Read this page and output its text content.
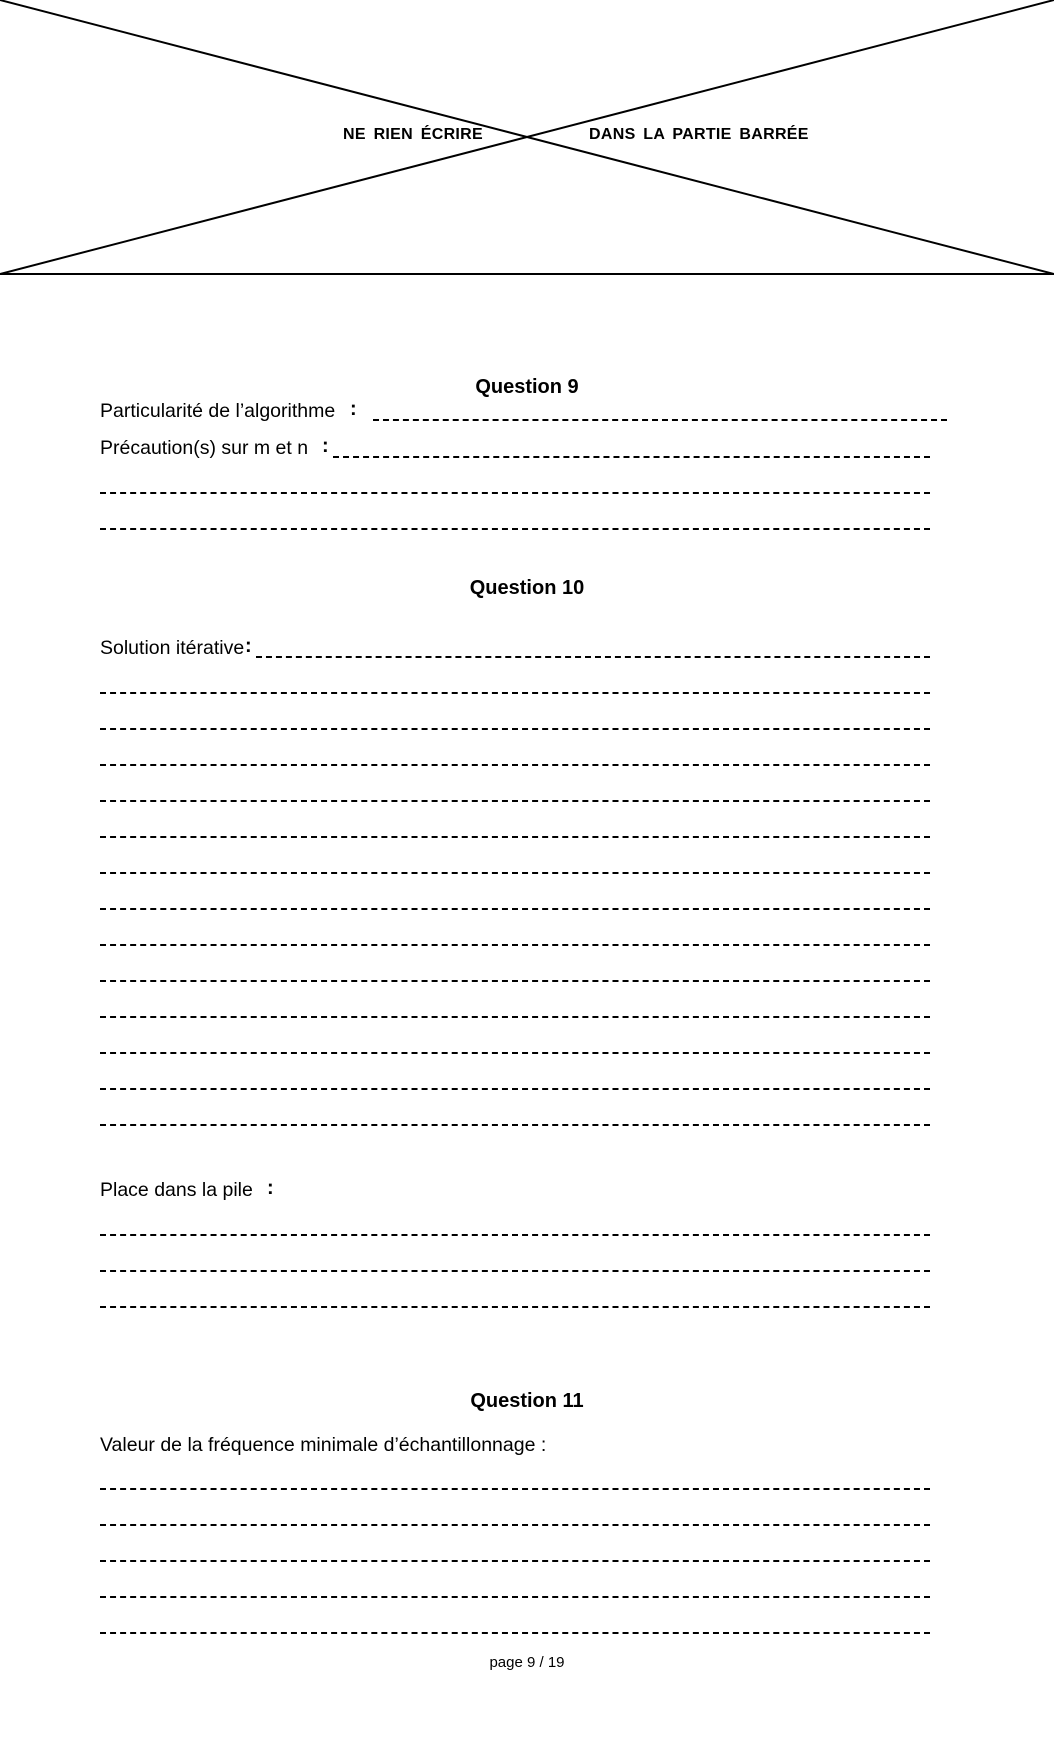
NE RIEN ÉCRIRE	DANS LA PARTIE BARRÉE
Question 9
Particularité de l’algorithme :
Précaution(s) sur m et n :
Question 10
Solution itérative :
Place dans la pile :
Question 11
Valeur de la fréquence minimale d’échantillonnage :
page 9 / 19
